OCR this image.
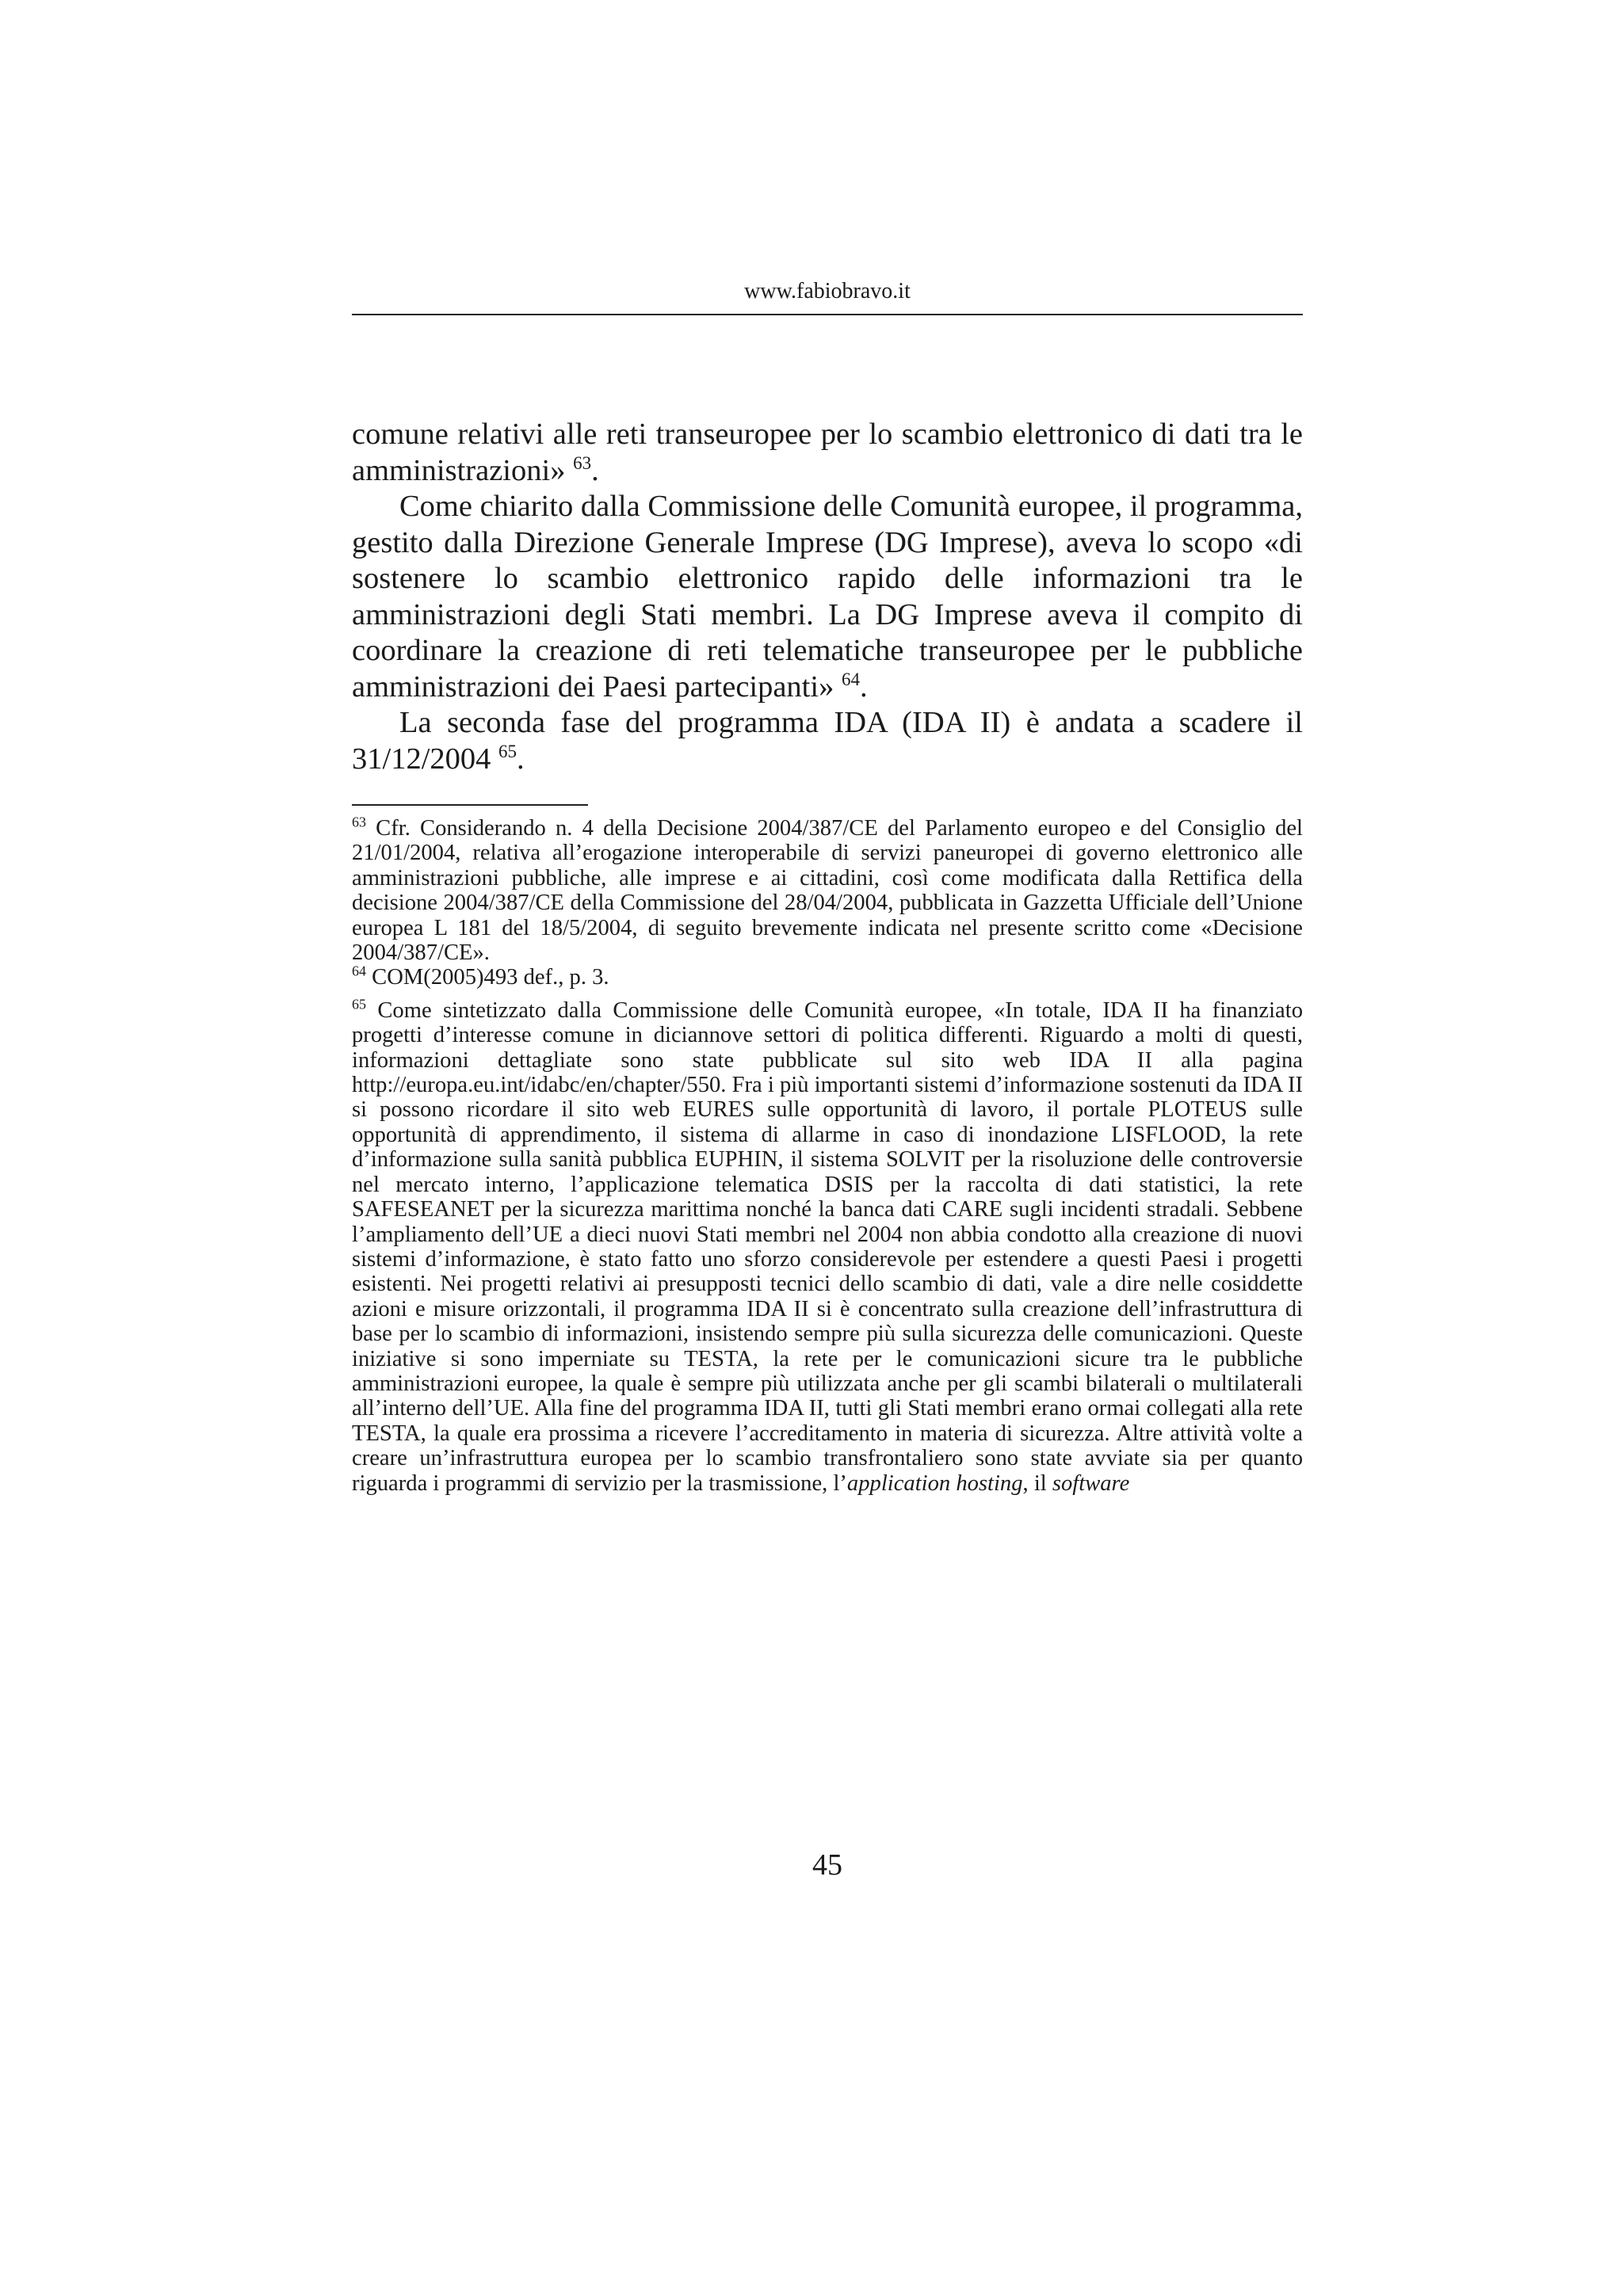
www.fabiobravo.it

comune relativi alle reti transeuropee per lo scambio elettronico di dati tra le amministrazioni» $^{63}$.

Come chiarito dalla Commissione delle Comunità europee, il programma, gestito dalla Direzione Generale Imprese (DG Imprese), aveva lo scopo «di sostenere lo scambio elettronico rapido delle informazioni tra le amministrazioni degli Stati membri. La DG Imprese aveva il compito di coordinare la creazione di reti telematiche transeuropee per le pubbliche amministrazioni dei Paesi partecipanti» $^{64}$.

La seconda fase del programma IDA (IDA II) è andata a scadere il 31/12/2004 $^{65}$.

$^{63}$ Cfr. Considerando n. 4 della Decisione 2004/387/CE del Parlamento europeo e del Consiglio del 21/01/2004, relativa all’erogazione interoperabile di servizi paneuropei di governo elettronico alle amministrazioni pubbliche, alle imprese e ai cittadini, così come modificata dalla Rettifica della decisione 2004/387/CE della Commissione del 28/04/2004, pubblicata in Gazzetta Ufficiale dell’Unione europea L 181 del 18/5/2004, di seguito brevemente indicata nel presente scritto come «Decisione 2004/387/CE».

$^{64}$ COM(2005)493 def., p. 3.

$^{65}$ Come sintetizzato dalla Commissione delle Comunità europee, «In totale, IDA II ha finanziato progetti d’interesse comune in diciannove settori di politica differenti. Riguardo a molti di questi, informazioni dettagliate sono state pubblicate sul sito web IDA II alla pagina http://europa.eu.int/idabc/en/chapter/550. Fra i più importanti sistemi d’informazione sostenuti da IDA II si possono ricordare il sito web EURES sulle opportunità di lavoro, il portale PLOTEUS sulle opportunità di apprendimento, il sistema di allarme in caso di inondazione LISFLOOD, la rete d’informazione sulla sanità pubblica EUPHIN, il sistema SOLVIT per la risoluzione delle controversie nel mercato interno, l’applicazione telematica DSIS per la raccolta di dati statistici, la rete SAFESEANET per la sicurezza marittima nonché la banca dati CARE sugli incidenti stradali. Sebbene l’ampliamento dell’UE a dieci nuovi Stati membri nel 2004 non abbia condotto alla creazione di nuovi sistemi d’informazione, è stato fatto uno sforzo considerevole per estendere a questi Paesi i progetti esistenti. Nei progetti relativi ai presupposti tecnici dello scambio di dati, vale a dire nelle cosiddette azioni e misure orizzontali, il programma IDA II si è concentrato sulla creazione dell’infrastruttura di base per lo scambio di informazioni, insistendo sempre più sulla sicurezza delle comunicazioni. Queste iniziative si sono imperniate su TESTA, la rete per le comunicazioni sicure tra le pubbliche amministrazioni europee, la quale è sempre più utilizzata anche per gli scambi bilaterali o multilaterali all’interno dell’UE. Alla fine del programma IDA II, tutti gli Stati membri erano ormai collegati alla rete TESTA, la quale era prossima a ricevere l’accreditamento in materia di sicurezza. Altre attività volte a creare un’infrastruttura europea per lo scambio transfrontaliero sono state avviate sia per quanto riguarda i programmi di servizio per la trasmissione, l’application hosting, il software

45
